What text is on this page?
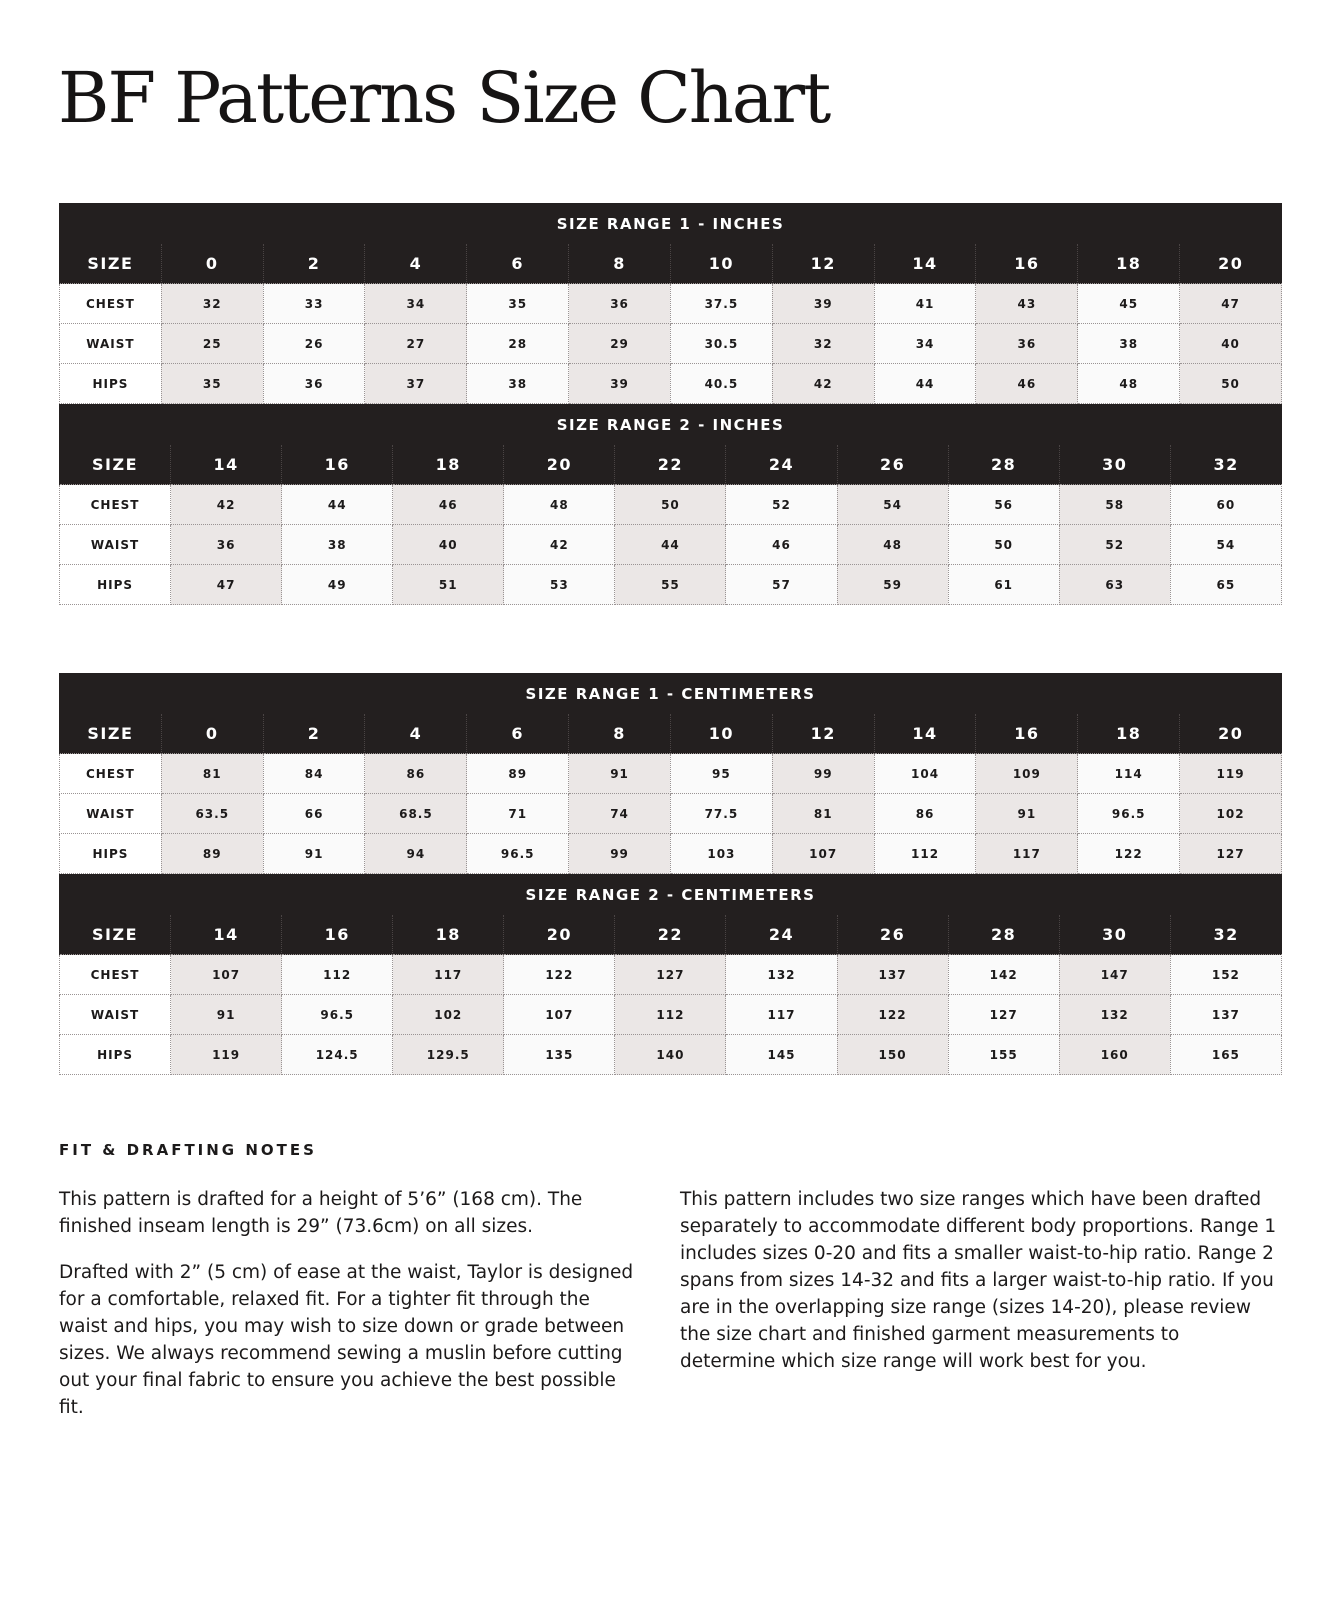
BF Patterns Size Chart
SIZE RANGE 1 - INCHES											
SIZE	0	2	4	6	8	10	12	14	16	18	20
CHEST	32	33	34	35	36	37.5	39	41	43	45	47
WAIST	25	26	27	28	29	30.5	32	34	36	38	40
HIPS	35	36	37	38	39	40.5	42	44	46	48	50
SIZE RANGE 2 - INCHES										
SIZE	14	16	18	20	22	24	26	28	30	32
CHEST	42	44	46	48	50	52	54	56	58	60
WAIST	36	38	40	42	44	46	48	50	52	54
HIPS	47	49	51	53	55	57	59	61	63	65
SIZE RANGE 1 - CENTIMETERS											
SIZE	0	2	4	6	8	10	12	14	16	18	20
CHEST	81	84	86	89	91	95	99	104	109	114	119
WAIST	63.5	66	68.5	71	74	77.5	81	86	91	96.5	102
HIPS	89	91	94	96.5	99	103	107	112	117	122	127
SIZE RANGE 2 - CENTIMETERS										
SIZE	14	16	18	20	22	24	26	28	30	32
CHEST	107	112	117	122	127	132	137	142	147	152
WAIST	91	96.5	102	107	112	117	122	127	132	137
HIPS	119	124.5	129.5	135	140	145	150	155	160	165
FIT & DRAFTING NOTES

This pattern is drafted for a height of 5’6” (168 cm). The finished inseam length is 29” (73.6cm) on all sizes.

Drafted with 2” (5 cm) of ease at the waist, Taylor is designed for a comfortable, relaxed fit. For a tighter fit through the waist and hips, you may wish to size down or grade between sizes. We always recommend sewing a muslin before cutting out your final fabric to ensure you achieve the best possible fit.

This pattern includes two size ranges which have been drafted separately to accommodate different body proportions. Range 1 includes sizes 0-20 and fits a smaller waist-to-hip ratio. Range 2 spans from sizes 14-32 and fits a larger waist-to-hip ratio. If you are in the overlapping size range (sizes 14-20), please review the size chart and finished garment measurements to determine which size range will work best for you.
